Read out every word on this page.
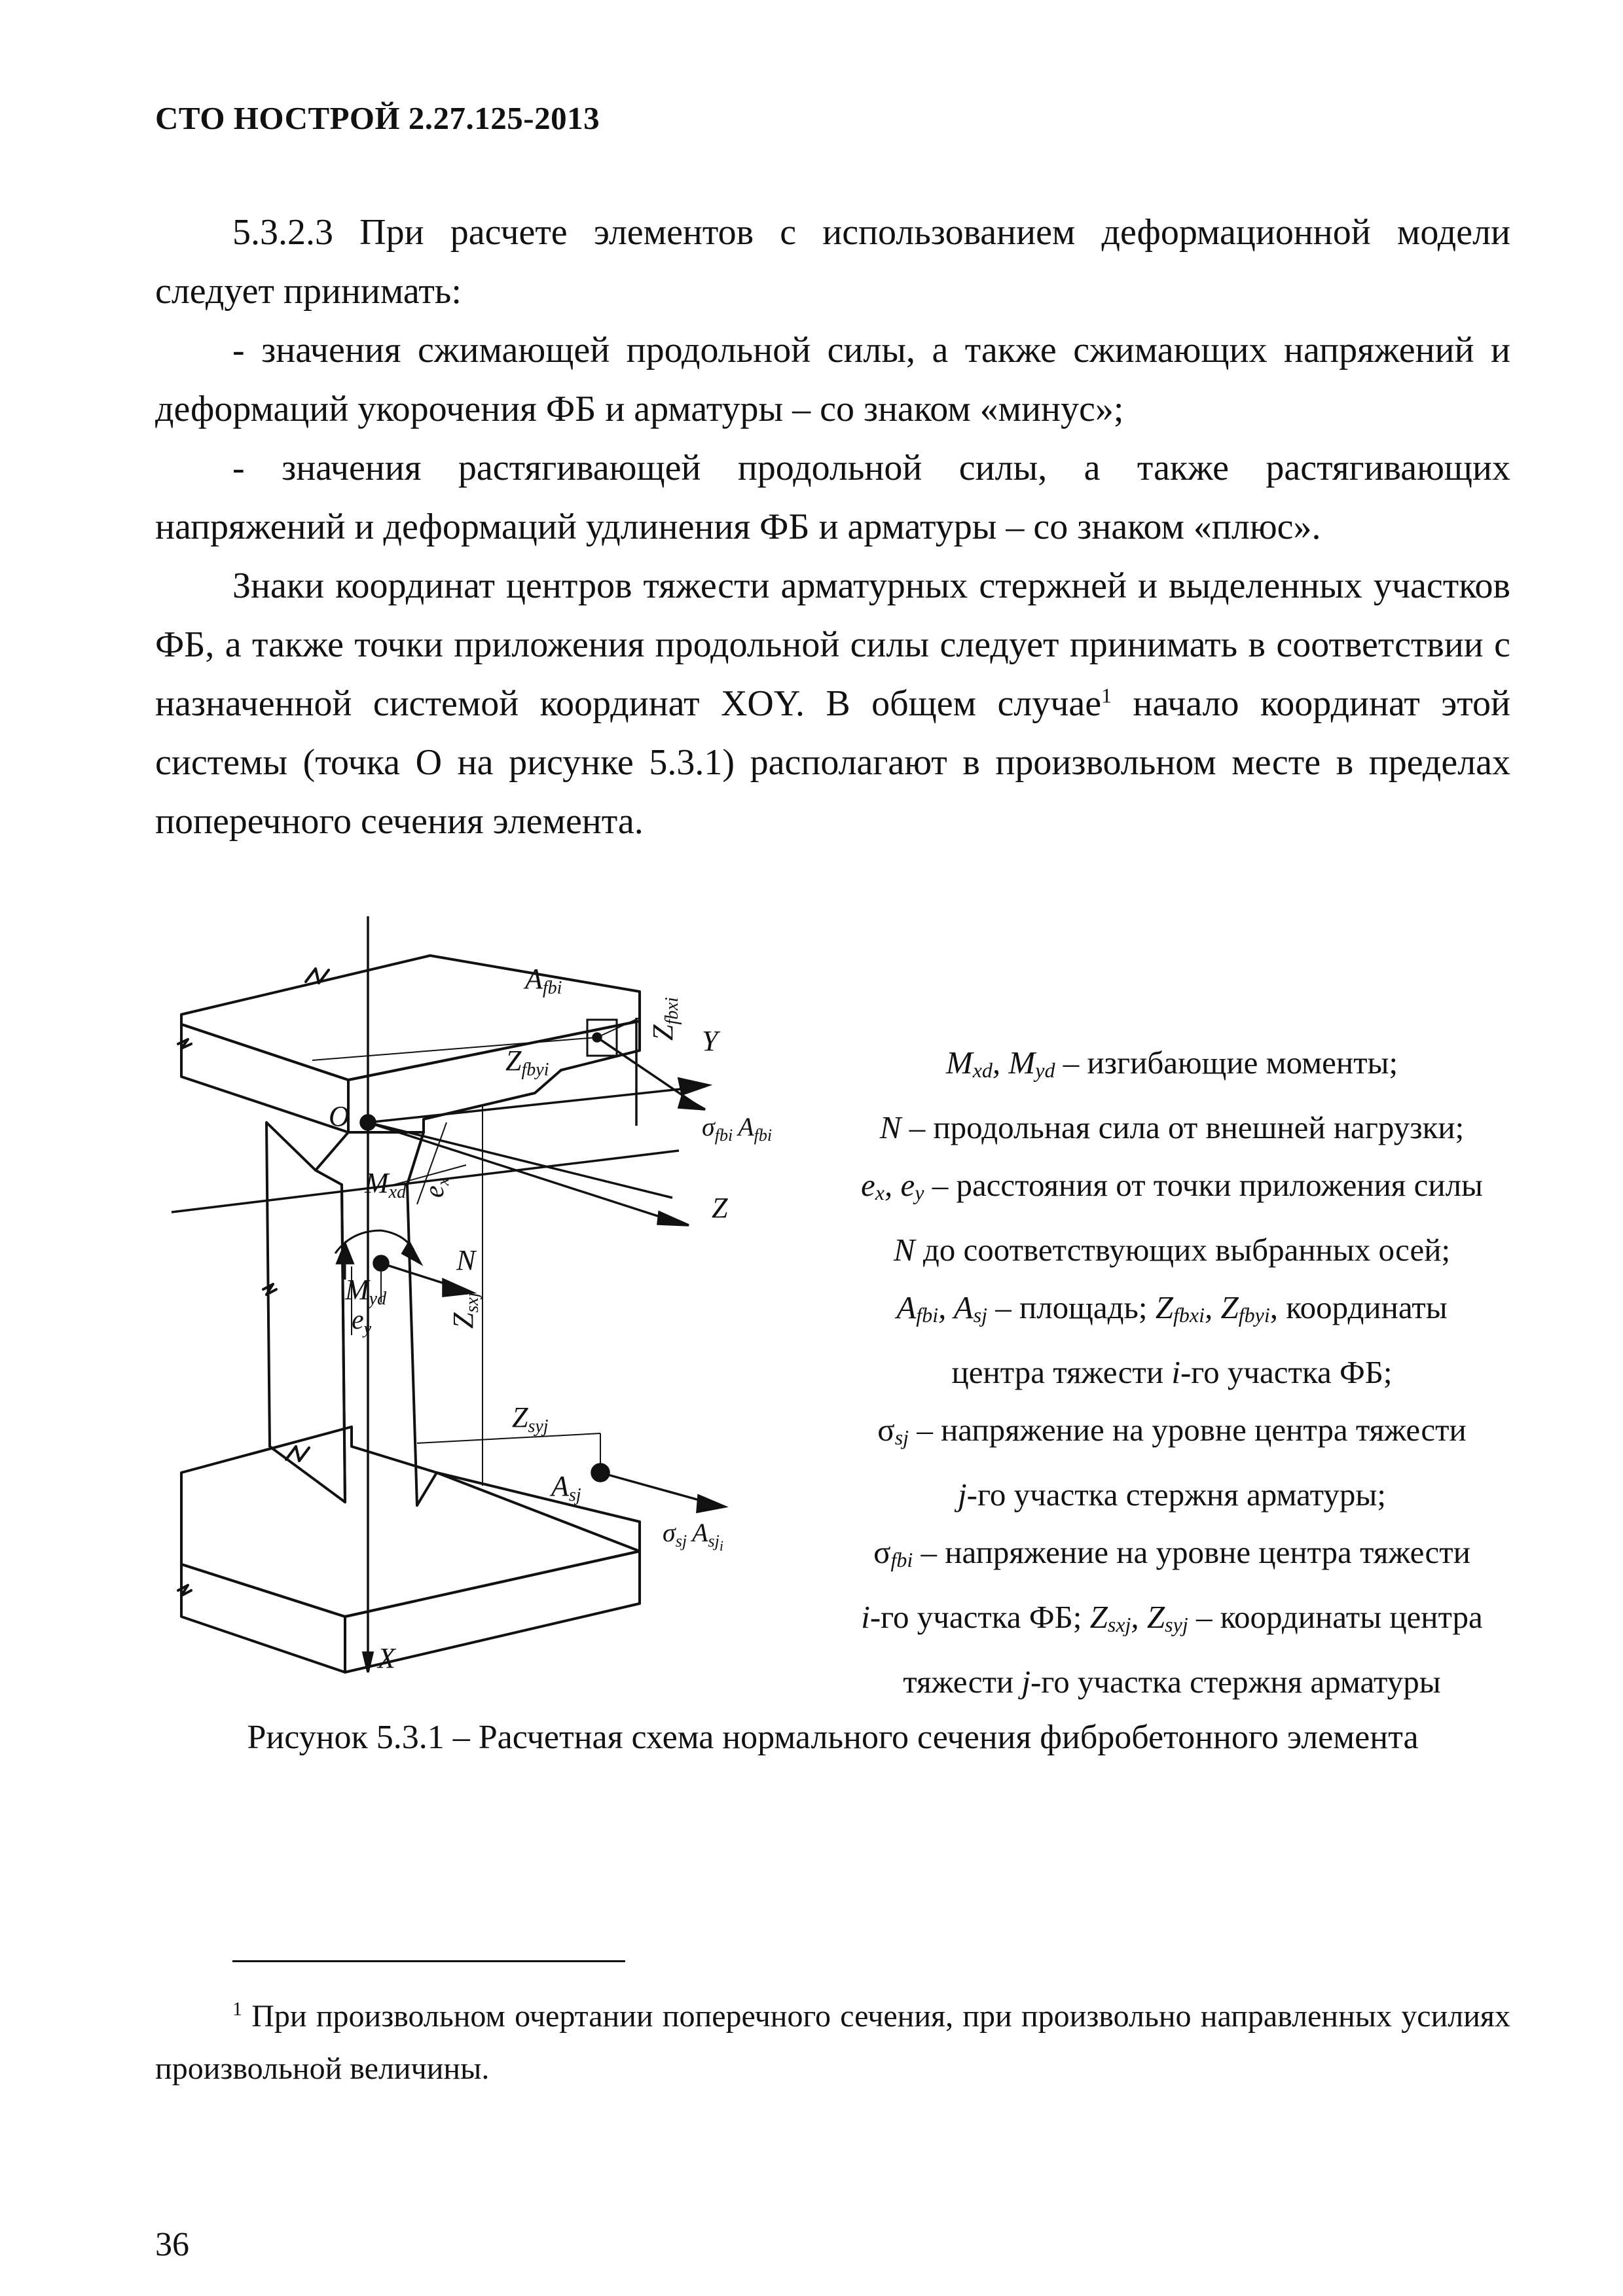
СТО НОСТРОЙ 2.27.125-2013
5.3.2.3 При расчете элементов с использованием деформационной модели следует принимать:
- значения сжимающей продольной силы, а также сжимающих напряжений и деформаций укорочения ФБ и арматуры – со знаком «минус»;
- значения растягивающей продольной силы, а также растягивающих напряжений и деформаций удлинения ФБ и арматуры – со знаком «плюс».
Знаки координат центров тяжести арматурных стержней и выделенных участков ФБ, а также точки приложения продольной силы следует принимать в соответствии с назначенной системой координат XOY. В общем случае$^1$ начало координат этой системы (точка О на рисунке 5.3.1) располагают в произвольном месте в пределах поперечного сечения элемента.
Afbi
Zfbyi
Zfbxi
Y
O	$\sigma_{fbi}$ $A_{fbi}$
ex
Mxd	Z
N
Myd
ey	Zsxj
Zsyj
Asj
$\sigma_{sj}$ $A_{sj}i$
X
Mxd, Myd – изгибающие моменты;
N – продольная сила от внешней нагрузки;
ex, ey – расстояния от точки приложения силы
N до соответствующих выбранных осей;
Afbi, Asj – площадь; Zfbxi, Zfbyi, координаты
центра тяжести i-го участка ФБ;
σsj – напряжение на уровне центра тяжести
j-го участка стержня арматуры;
σfbi – напряжение на уровне центра тяжести
i-го участка ФБ; Zsxj, Zsyj – координаты центра
тяжести j-го участка стержня арматуры
Рисунок 5.3.1 – Расчетная схема нормального сечения фибробетонного элемента
$^1$ При произвольном очертании поперечного сечения, при произвольно направленных усилиях произвольной величины.
36
